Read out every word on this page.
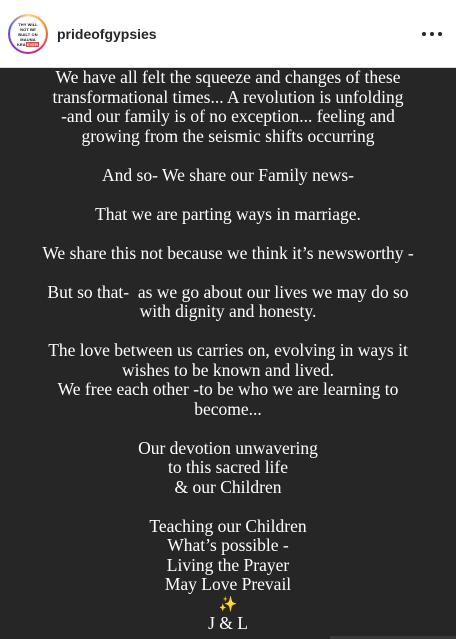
THY WILL
NOT BE
BUILT ON
MAUNA
KEAEVER
prideofgypsies
We have all felt the squeeze and changes of these
transformational times... A revolution is unfolding
-and our family is of no exception... feeling and
growing from the seismic shifts occurring
And so- We share our Family news-
That we are parting ways in marriage.
We share this not because we think it’s newsworthy -
But so that-  as we go about our lives we may do so
with dignity and honesty.
The love between us carries on, evolving in ways it
wishes to be known and lived.
We free each other -to be who we are learning to
become...
Our devotion unwavering
to this sacred life
& our Children
Teaching our Children
What’s possible -
Living the Prayer
May Love Prevail
✨
J & L
